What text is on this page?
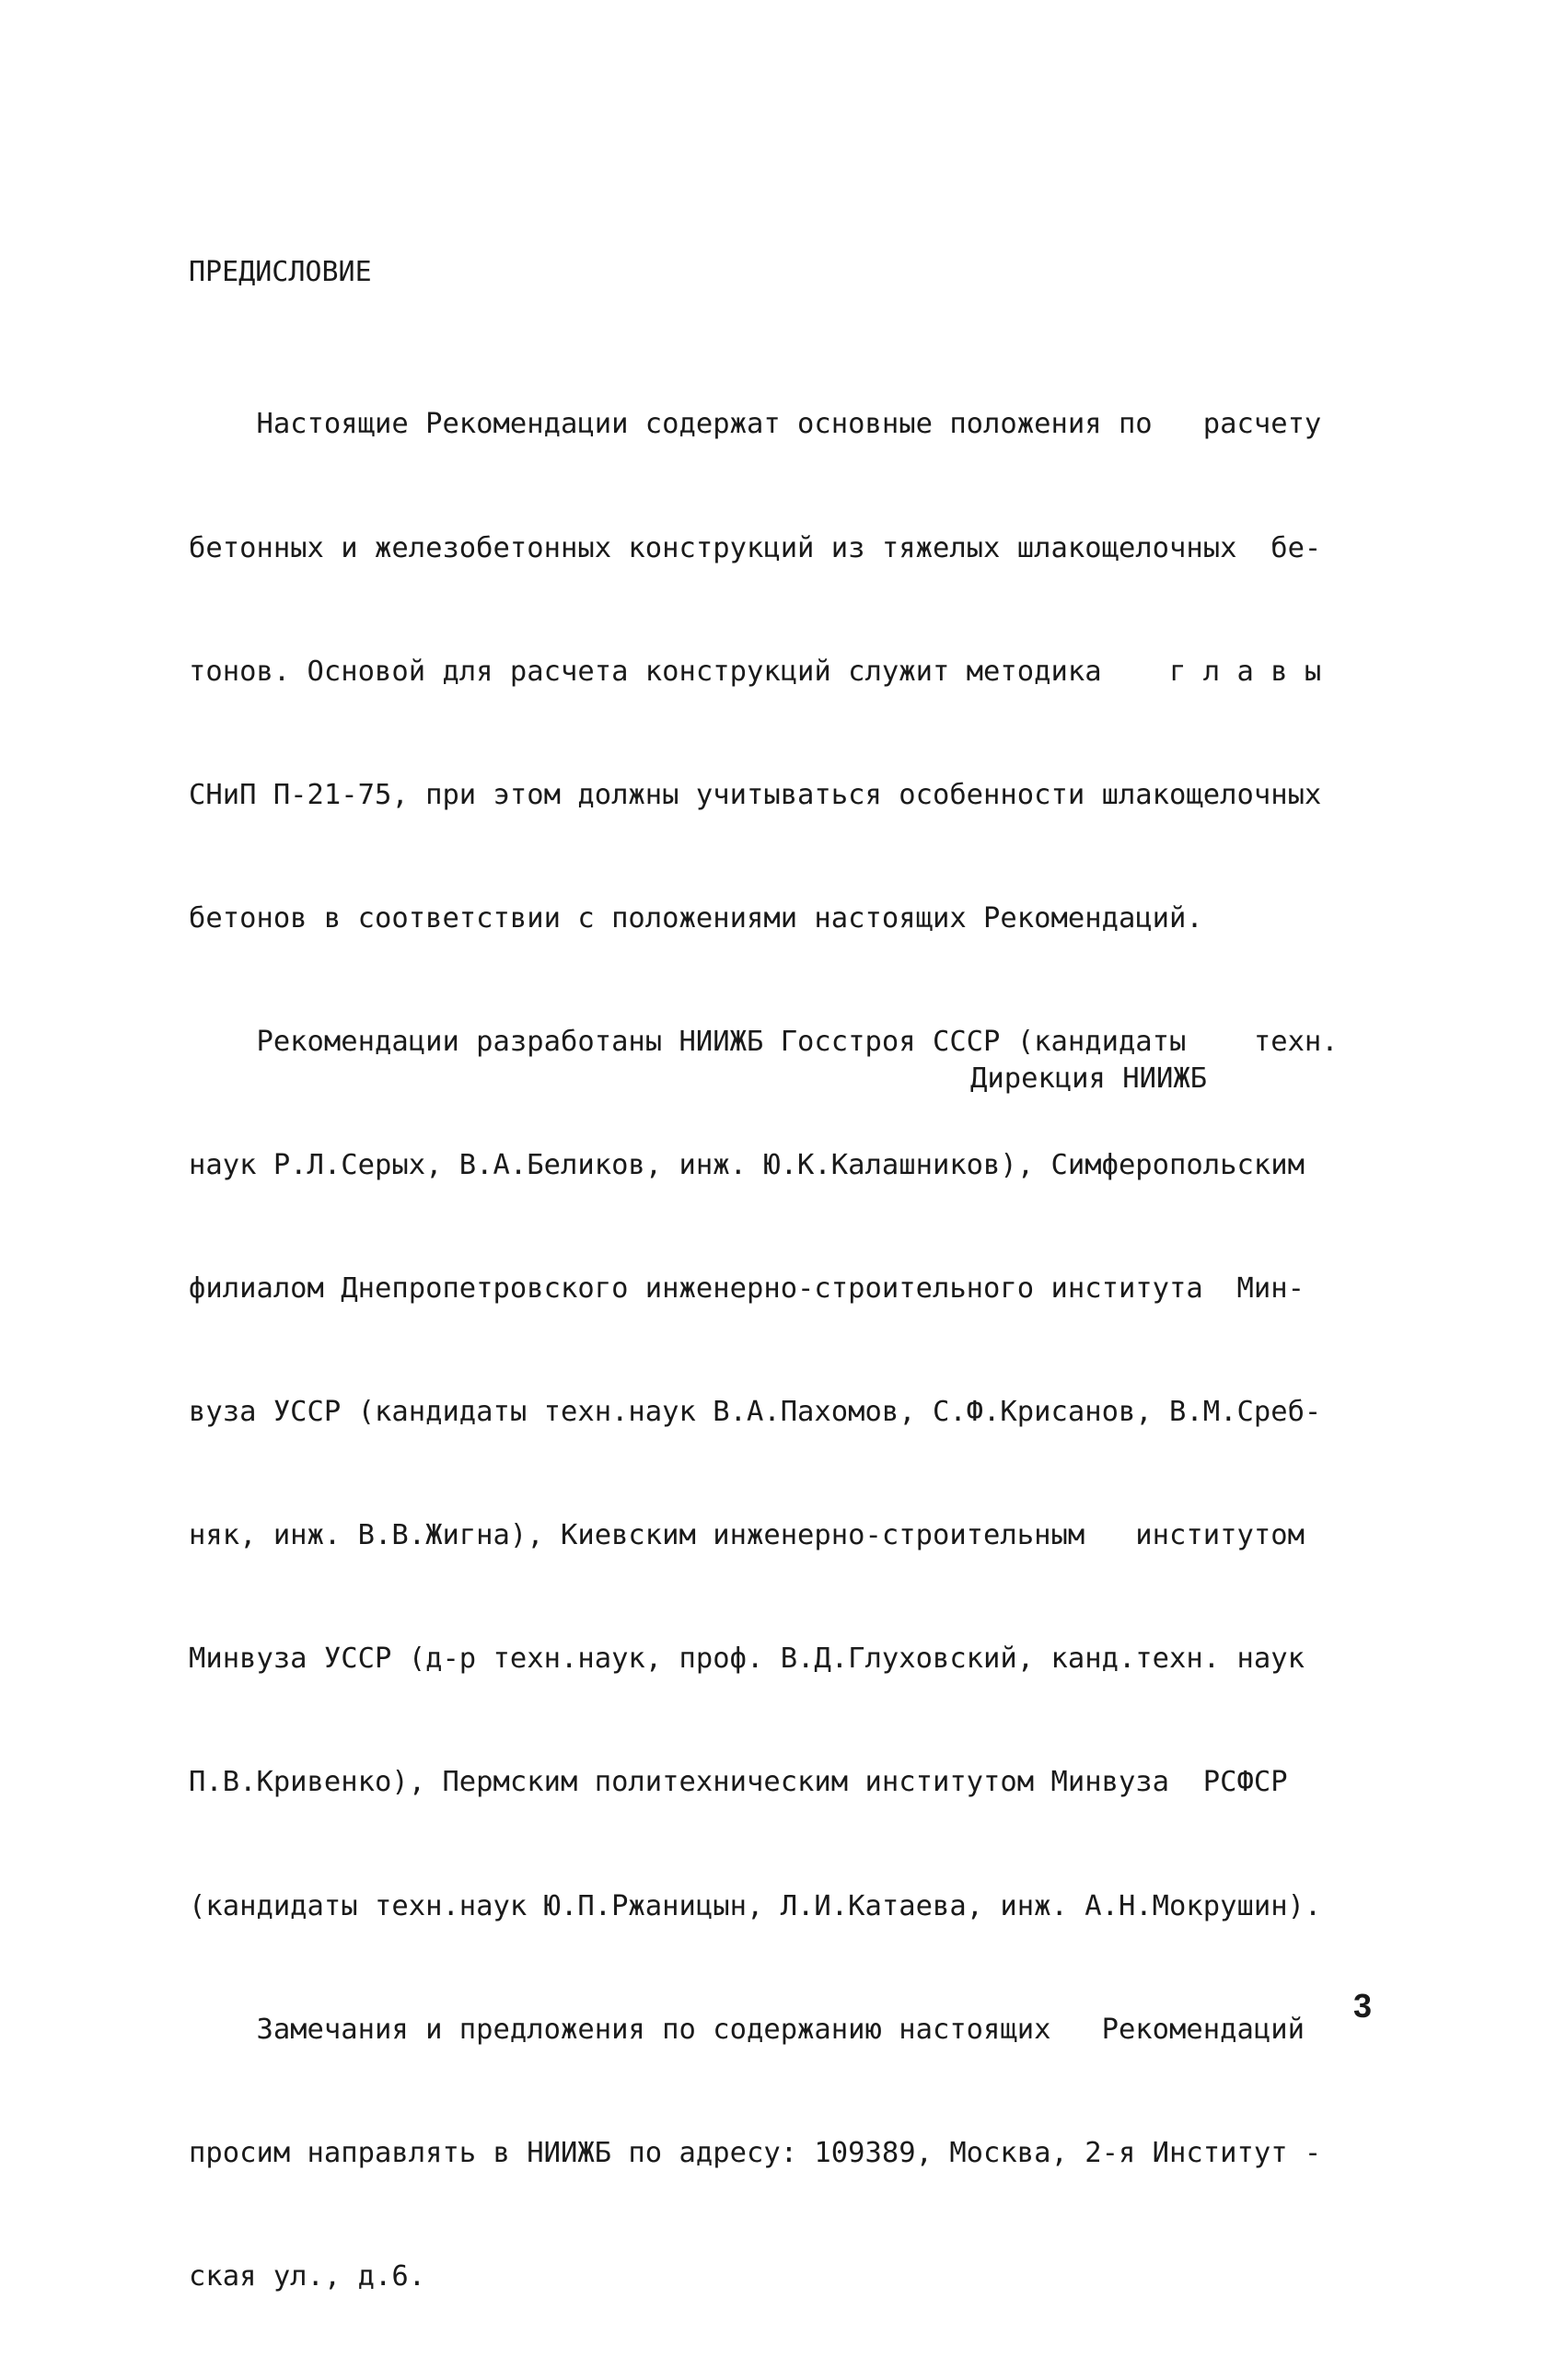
ПРЕДИСЛОВИЕ

Настоящие Рекомендации содержат основные положения по   расчету

бетонных и железобетонных конструкций из тяжелых шлакощелочных  бе-

тонов. Основой для расчета конструкций служит методика    г л а в ы

СНиП П-21-75, при этом должны учитываться особенности шлакощелочных

бетонов в соответствии с положениями настоящих Рекомендаций.

Рекомендации разработаны НИИЖБ Госстроя СССР (кандидаты    техн.

наук Р.Л.Серых, В.А.Беликов, инж. Ю.К.Калашников), Симферопольским

филиалом Днепропетровского инженерно-строительного института  Мин-

вуза УССР (кандидаты техн.наук В.А.Пахомов, С.Ф.Крисанов, В.М.Среб-

няк, инж. В.В.Жигна), Киевским инженерно-строительным   институтом

Минвуза УССР (д-р техн.наук, проф. В.Д.Глуховский, канд.техн. наук

П.В.Кривенко), Пермским политехническим институтом Минвуза  РСФСР

(кандидаты техн.наук Ю.П.Ржаницын, Л.И.Катаева, инж. А.Н.Мокрушин).

Замечания и предложения по содержанию настоящих   Рекомендаций

просим направлять в НИИЖБ по адресу: 109389, Москва, 2-я Институт -

ская ул., д.6.

Дирекция НИИЖБ
3
